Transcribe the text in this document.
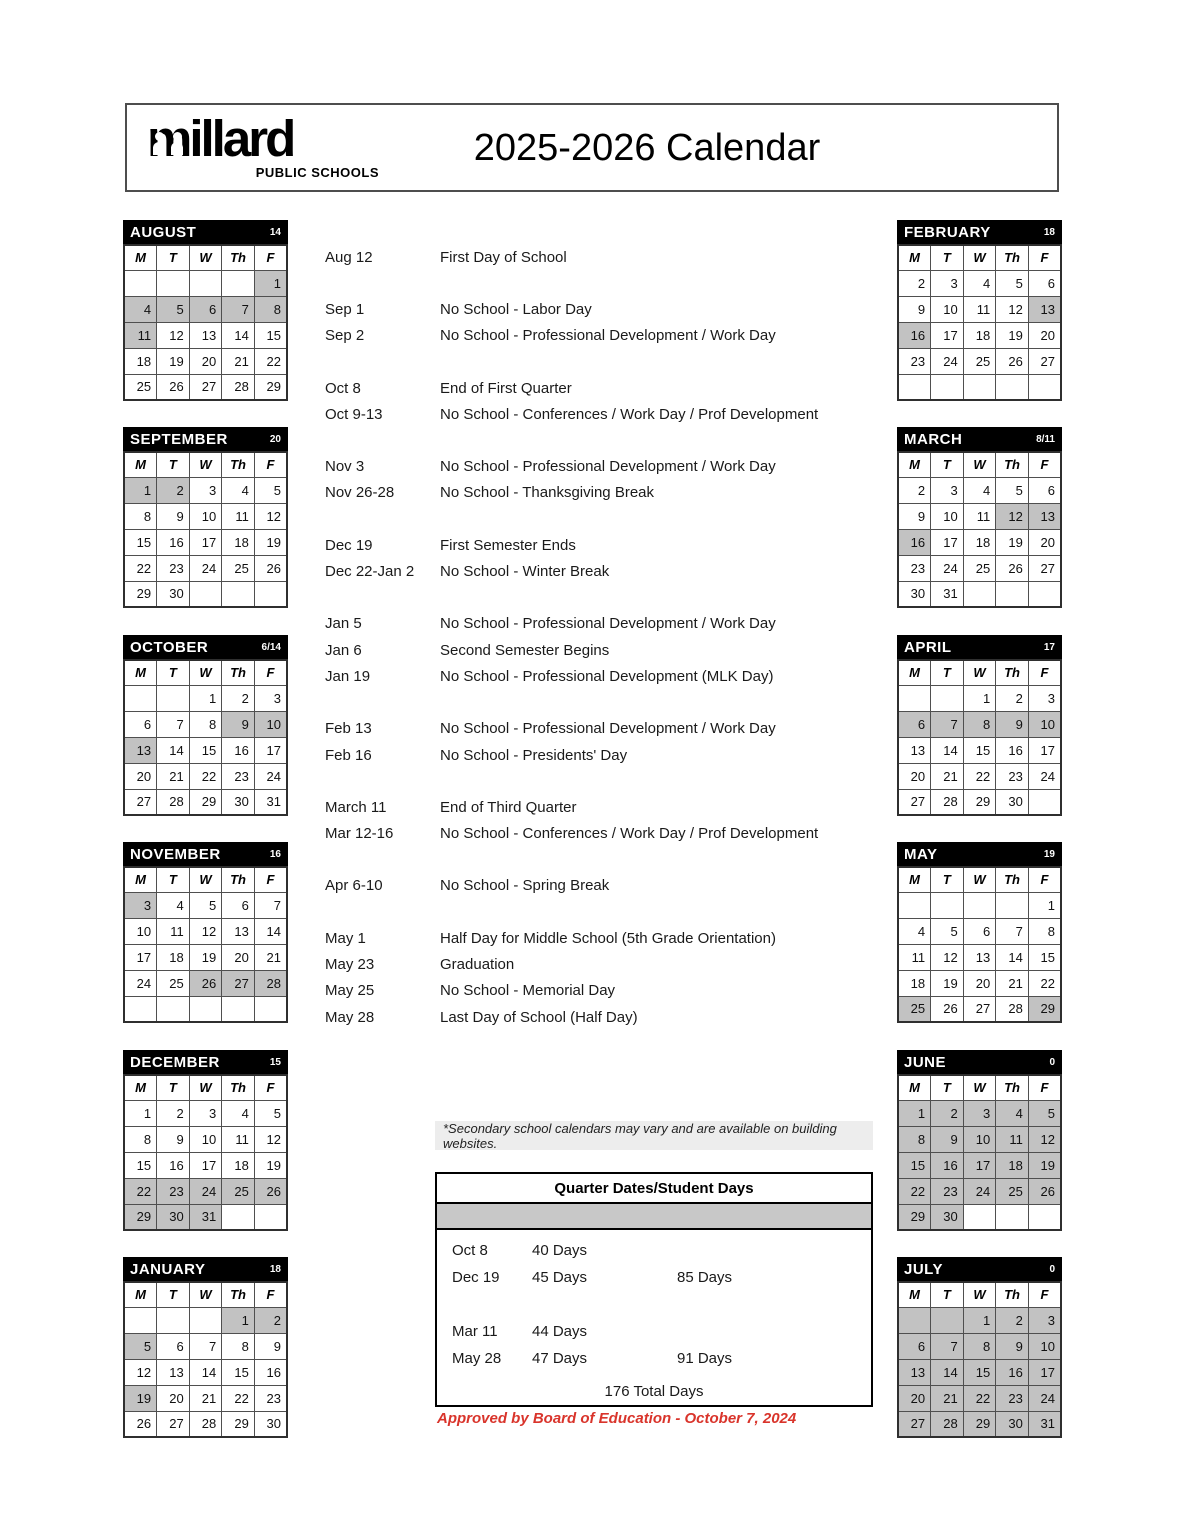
millard
PUBLIC SCHOOLS
2025-2026 Calendar
Aug 12	First Day of School
Sep 1	No School - Labor Day
Sep 2	No School - Professional Development / Work Day
Oct 8	End of First Quarter
Oct 9-13	No School - Conferences / Work Day / Prof Development
Nov 3	No School - Professional Development / Work Day
Nov 26-28	No School - Thanksgiving Break
Dec 19	First Semester Ends
Dec 22-Jan 2	No School - Winter Break
Jan 5	No School - Professional Development / Work Day
Jan 6	Second Semester Begins
Jan 19	No School - Professional Development (MLK Day)
Feb 13	No School - Professional Development / Work Day
Feb 16	No School - Presidents' Day
March 11	End of Third Quarter
Mar 12-16	No School - Conferences / Work Day / Prof Development
Apr 6-10	No School - Spring Break
May 1	Half Day for Middle School (5th Grade Orientation)
May 23	Graduation
May 25	No School - Memorial Day
May 28	Last Day of School (Half Day)
*Secondary school calendars may vary and are available on building websites.
Quarter Dates/Student Days
Oct 8	40 Days
Dec 19	45 Days	85 Days
Mar 11	44 Days
May 28	47 Days	91 Days
176 Total Days
Approved by Board of Education - October 7, 2024
AUGUST	14
M	T	W	Th	F
				1
4	5	6	7	8
11	12	13	14	15
18	19	20	21	22
25	26	27	28	29
SEPTEMBER	20
M	T	W	Th	F
1	2	3	4	5
8	9	10	11	12
15	16	17	18	19
22	23	24	25	26
29	30			
OCTOBER	6/14
M	T	W	Th	F
		1	2	3
6	7	8	9	10
13	14	15	16	17
20	21	22	23	24
27	28	29	30	31
NOVEMBER	16
M	T	W	Th	F
3	4	5	6	7
10	11	12	13	14
17	18	19	20	21
24	25	26	27	28

DECEMBER	15
M	T	W	Th	F
1	2	3	4	5
8	9	10	11	12
15	16	17	18	19
22	23	24	25	26
29	30	31		
JANUARY	18
M	T	W	Th	F
			1	2
5	6	7	8	9
12	13	14	15	16
19	20	21	22	23
26	27	28	29	30
FEBRUARY	18
M	T	W	Th	F
2	3	4	5	6
9	10	11	12	13
16	17	18	19	20
23	24	25	26	27

MARCH	8/11
M	T	W	Th	F
2	3	4	5	6
9	10	11	12	13
16	17	18	19	20
23	24	25	26	27
30	31			
APRIL	17
M	T	W	Th	F
		1	2	3
6	7	8	9	10
13	14	15	16	17
20	21	22	23	24
27	28	29	30	
MAY	19
M	T	W	Th	F
				1
4	5	6	7	8
11	12	13	14	15
18	19	20	21	22
25	26	27	28	29
JUNE	0
M	T	W	Th	F
1	2	3	4	5
8	9	10	11	12
15	16	17	18	19
22	23	24	25	26
29	30			
JULY	0
M	T	W	Th	F
		1	2	3
6	7	8	9	10
13	14	15	16	17
20	21	22	23	24
27	28	29	30	31
